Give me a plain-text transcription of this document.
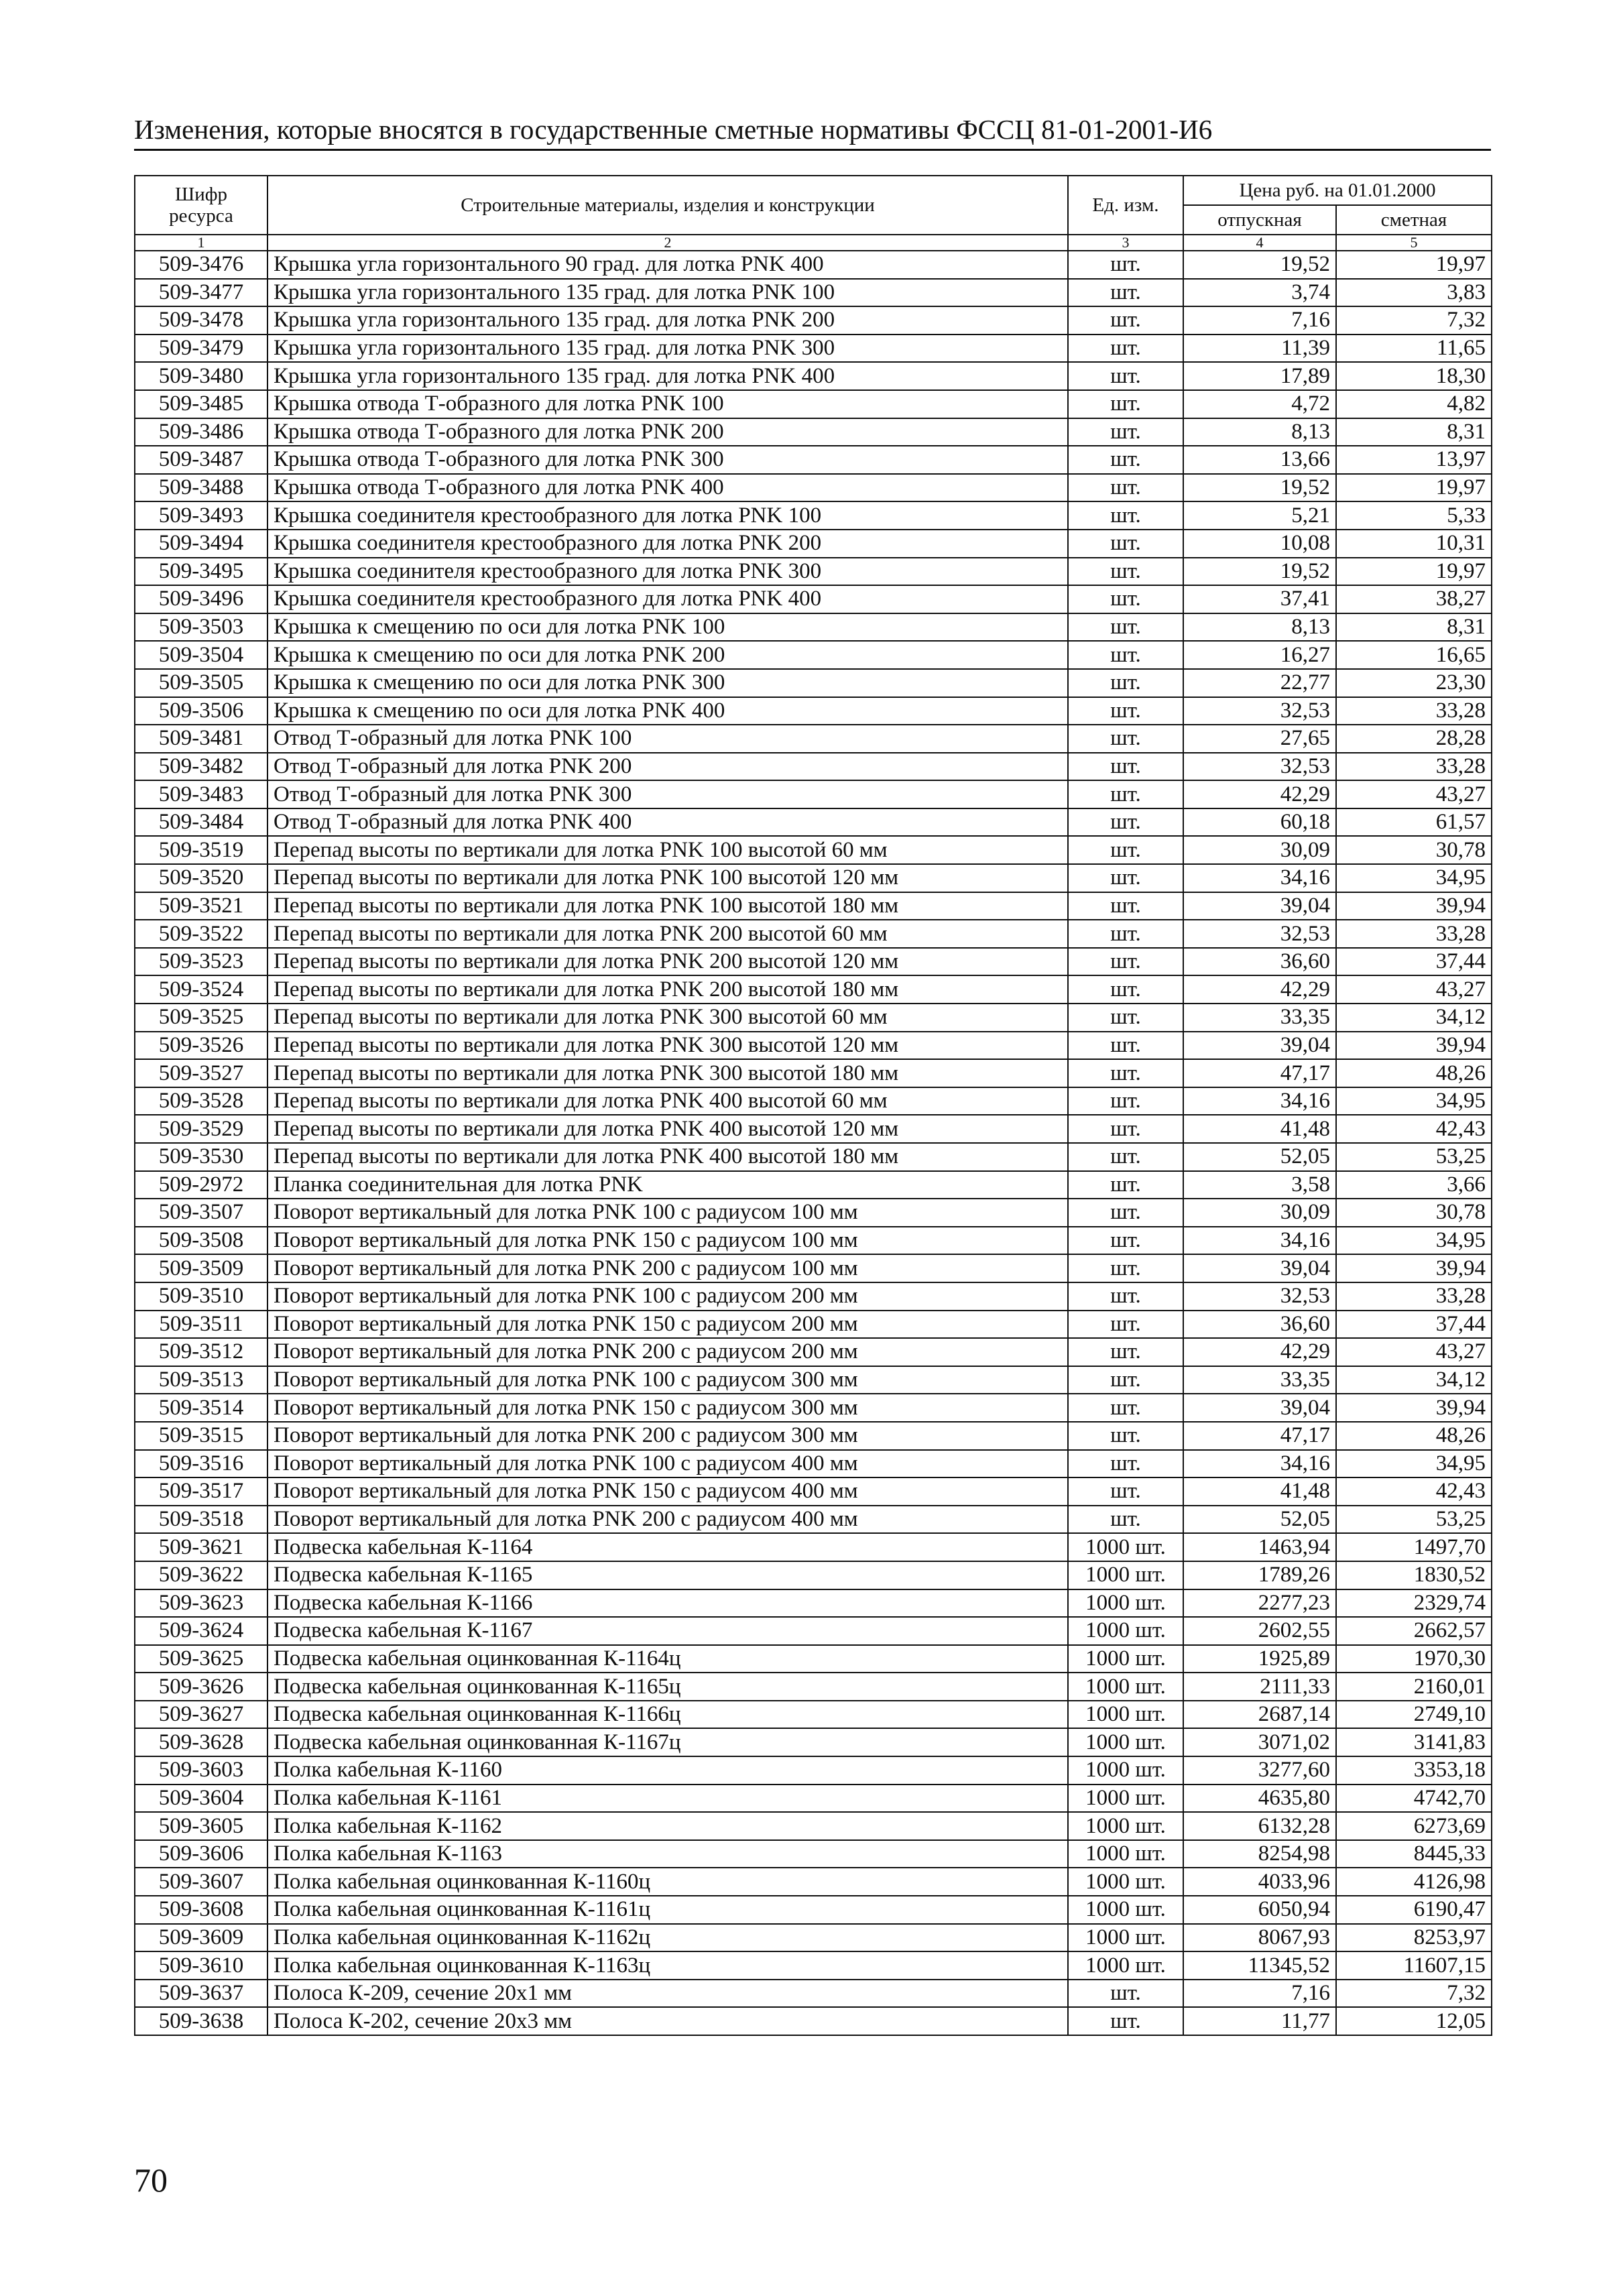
Изменения, которые вносятся в государственные сметные нормативы ФССЦ 81-01-2001-И6
Шифр ресурса	Строительные материалы, изделия и конструкции	Ед. изм.	Цена руб. на 01.01.2000	
			отпускная	сметная
1	2	3	4	5
509-3476	Крышка угла горизонтального 90 град. для лотка PNK 400	шт.	19,52	19,97
509-3477	Крышка угла горизонтального 135 град. для лотка PNK 100	шт.	3,74	3,83
509-3478	Крышка угла горизонтального 135 град. для лотка PNK 200	шт.	7,16	7,32
509-3479	Крышка угла горизонтального 135 град. для лотка PNK 300	шт.	11,39	11,65
509-3480	Крышка угла горизонтального 135 град. для лотка PNK 400	шт.	17,89	18,30
509-3485	Крышка отвода Т-образного для лотка PNK 100	шт.	4,72	4,82
509-3486	Крышка отвода Т-образного для лотка PNK 200	шт.	8,13	8,31
509-3487	Крышка отвода Т-образного для лотка PNK 300	шт.	13,66	13,97
509-3488	Крышка отвода Т-образного для лотка PNK 400	шт.	19,52	19,97
509-3493	Крышка соединителя крестообразного для лотка PNK 100	шт.	5,21	5,33
509-3494	Крышка соединителя крестообразного для лотка PNK 200	шт.	10,08	10,31
509-3495	Крышка соединителя крестообразного для лотка PNK 300	шт.	19,52	19,97
509-3496	Крышка соединителя крестообразного для лотка PNK 400	шт.	37,41	38,27
509-3503	Крышка к смещению по оси для лотка PNK 100	шт.	8,13	8,31
509-3504	Крышка к смещению по оси для лотка PNK 200	шт.	16,27	16,65
509-3505	Крышка к смещению по оси для лотка PNK 300	шт.	22,77	23,30
509-3506	Крышка к смещению по оси для лотка PNK 400	шт.	32,53	33,28
509-3481	Отвод Т-образный для лотка PNK 100	шт.	27,65	28,28
509-3482	Отвод Т-образный для лотка PNK 200	шт.	32,53	33,28
509-3483	Отвод Т-образный для лотка PNK 300	шт.	42,29	43,27
509-3484	Отвод Т-образный для лотка PNK 400	шт.	60,18	61,57
509-3519	Перепад высоты по вертикали для лотка PNK 100 высотой 60 мм	шт.	30,09	30,78
509-3520	Перепад высоты по вертикали для лотка PNK 100 высотой 120 мм	шт.	34,16	34,95
509-3521	Перепад высоты по вертикали для лотка PNK 100 высотой 180 мм	шт.	39,04	39,94
509-3522	Перепад высоты по вертикали для лотка PNK 200 высотой 60 мм	шт.	32,53	33,28
509-3523	Перепад высоты по вертикали для лотка PNK 200 высотой 120 мм	шт.	36,60	37,44
509-3524	Перепад высоты по вертикали для лотка PNK 200 высотой 180 мм	шт.	42,29	43,27
509-3525	Перепад высоты по вертикали для лотка PNK 300 высотой 60 мм	шт.	33,35	34,12
509-3526	Перепад высоты по вертикали для лотка PNK 300 высотой 120 мм	шт.	39,04	39,94
509-3527	Перепад высоты по вертикали для лотка PNK 300 высотой 180 мм	шт.	47,17	48,26
509-3528	Перепад высоты по вертикали для лотка PNK 400 высотой 60 мм	шт.	34,16	34,95
509-3529	Перепад высоты по вертикали для лотка PNK 400 высотой 120 мм	шт.	41,48	42,43
509-3530	Перепад высоты по вертикали для лотка PNK 400 высотой 180 мм	шт.	52,05	53,25
509-2972	Планка соединительная для лотка PNK	шт.	3,58	3,66
509-3507	Поворот вертикальный для лотка PNK 100 с радиусом 100 мм	шт.	30,09	30,78
509-3508	Поворот вертикальный для лотка PNK 150 с радиусом 100 мм	шт.	34,16	34,95
509-3509	Поворот вертикальный для лотка PNK 200 с радиусом 100 мм	шт.	39,04	39,94
509-3510	Поворот вертикальный для лотка PNK 100 с радиусом 200 мм	шт.	32,53	33,28
509-3511	Поворот вертикальный для лотка PNK 150 с радиусом 200 мм	шт.	36,60	37,44
509-3512	Поворот вертикальный для лотка PNK 200 с радиусом 200 мм	шт.	42,29	43,27
509-3513	Поворот вертикальный для лотка PNK 100 с радиусом 300 мм	шт.	33,35	34,12
509-3514	Поворот вертикальный для лотка PNK 150 с радиусом 300 мм	шт.	39,04	39,94
509-3515	Поворот вертикальный для лотка PNK 200 с радиусом 300 мм	шт.	47,17	48,26
509-3516	Поворот вертикальный для лотка PNK 100 с радиусом 400 мм	шт.	34,16	34,95
509-3517	Поворот вертикальный для лотка PNK 150 с радиусом 400 мм	шт.	41,48	42,43
509-3518	Поворот вертикальный для лотка PNK 200 с радиусом 400 мм	шт.	52,05	53,25
509-3621	Подвеска кабельная К-1164	1000 шт.	1463,94	1497,70
509-3622	Подвеска кабельная К-1165	1000 шт.	1789,26	1830,52
509-3623	Подвеска кабельная К-1166	1000 шт.	2277,23	2329,74
509-3624	Подвеска кабельная К-1167	1000 шт.	2602,55	2662,57
509-3625	Подвеска кабельная оцинкованная К-1164ц	1000 шт.	1925,89	1970,30
509-3626	Подвеска кабельная оцинкованная К-1165ц	1000 шт.	2111,33	2160,01
509-3627	Подвеска кабельная оцинкованная К-1166ц	1000 шт.	2687,14	2749,10
509-3628	Подвеска кабельная оцинкованная К-1167ц	1000 шт.	3071,02	3141,83
509-3603	Полка кабельная К-1160	1000 шт.	3277,60	3353,18
509-3604	Полка кабельная К-1161	1000 шт.	4635,80	4742,70
509-3605	Полка кабельная К-1162	1000 шт.	6132,28	6273,69
509-3606	Полка кабельная К-1163	1000 шт.	8254,98	8445,33
509-3607	Полка кабельная оцинкованная К-1160ц	1000 шт.	4033,96	4126,98
509-3608	Полка кабельная оцинкованная К-1161ц	1000 шт.	6050,94	6190,47
509-3609	Полка кабельная оцинкованная К-1162ц	1000 шт.	8067,93	8253,97
509-3610	Полка кабельная оцинкованная К-1163ц	1000 шт.	11345,52	11607,15
509-3637	Полоса К-209, сечение 20х1 мм	шт.	7,16	7,32
509-3638	Полоса К-202, сечение 20х3 мм	шт.	11,77	12,05
70
